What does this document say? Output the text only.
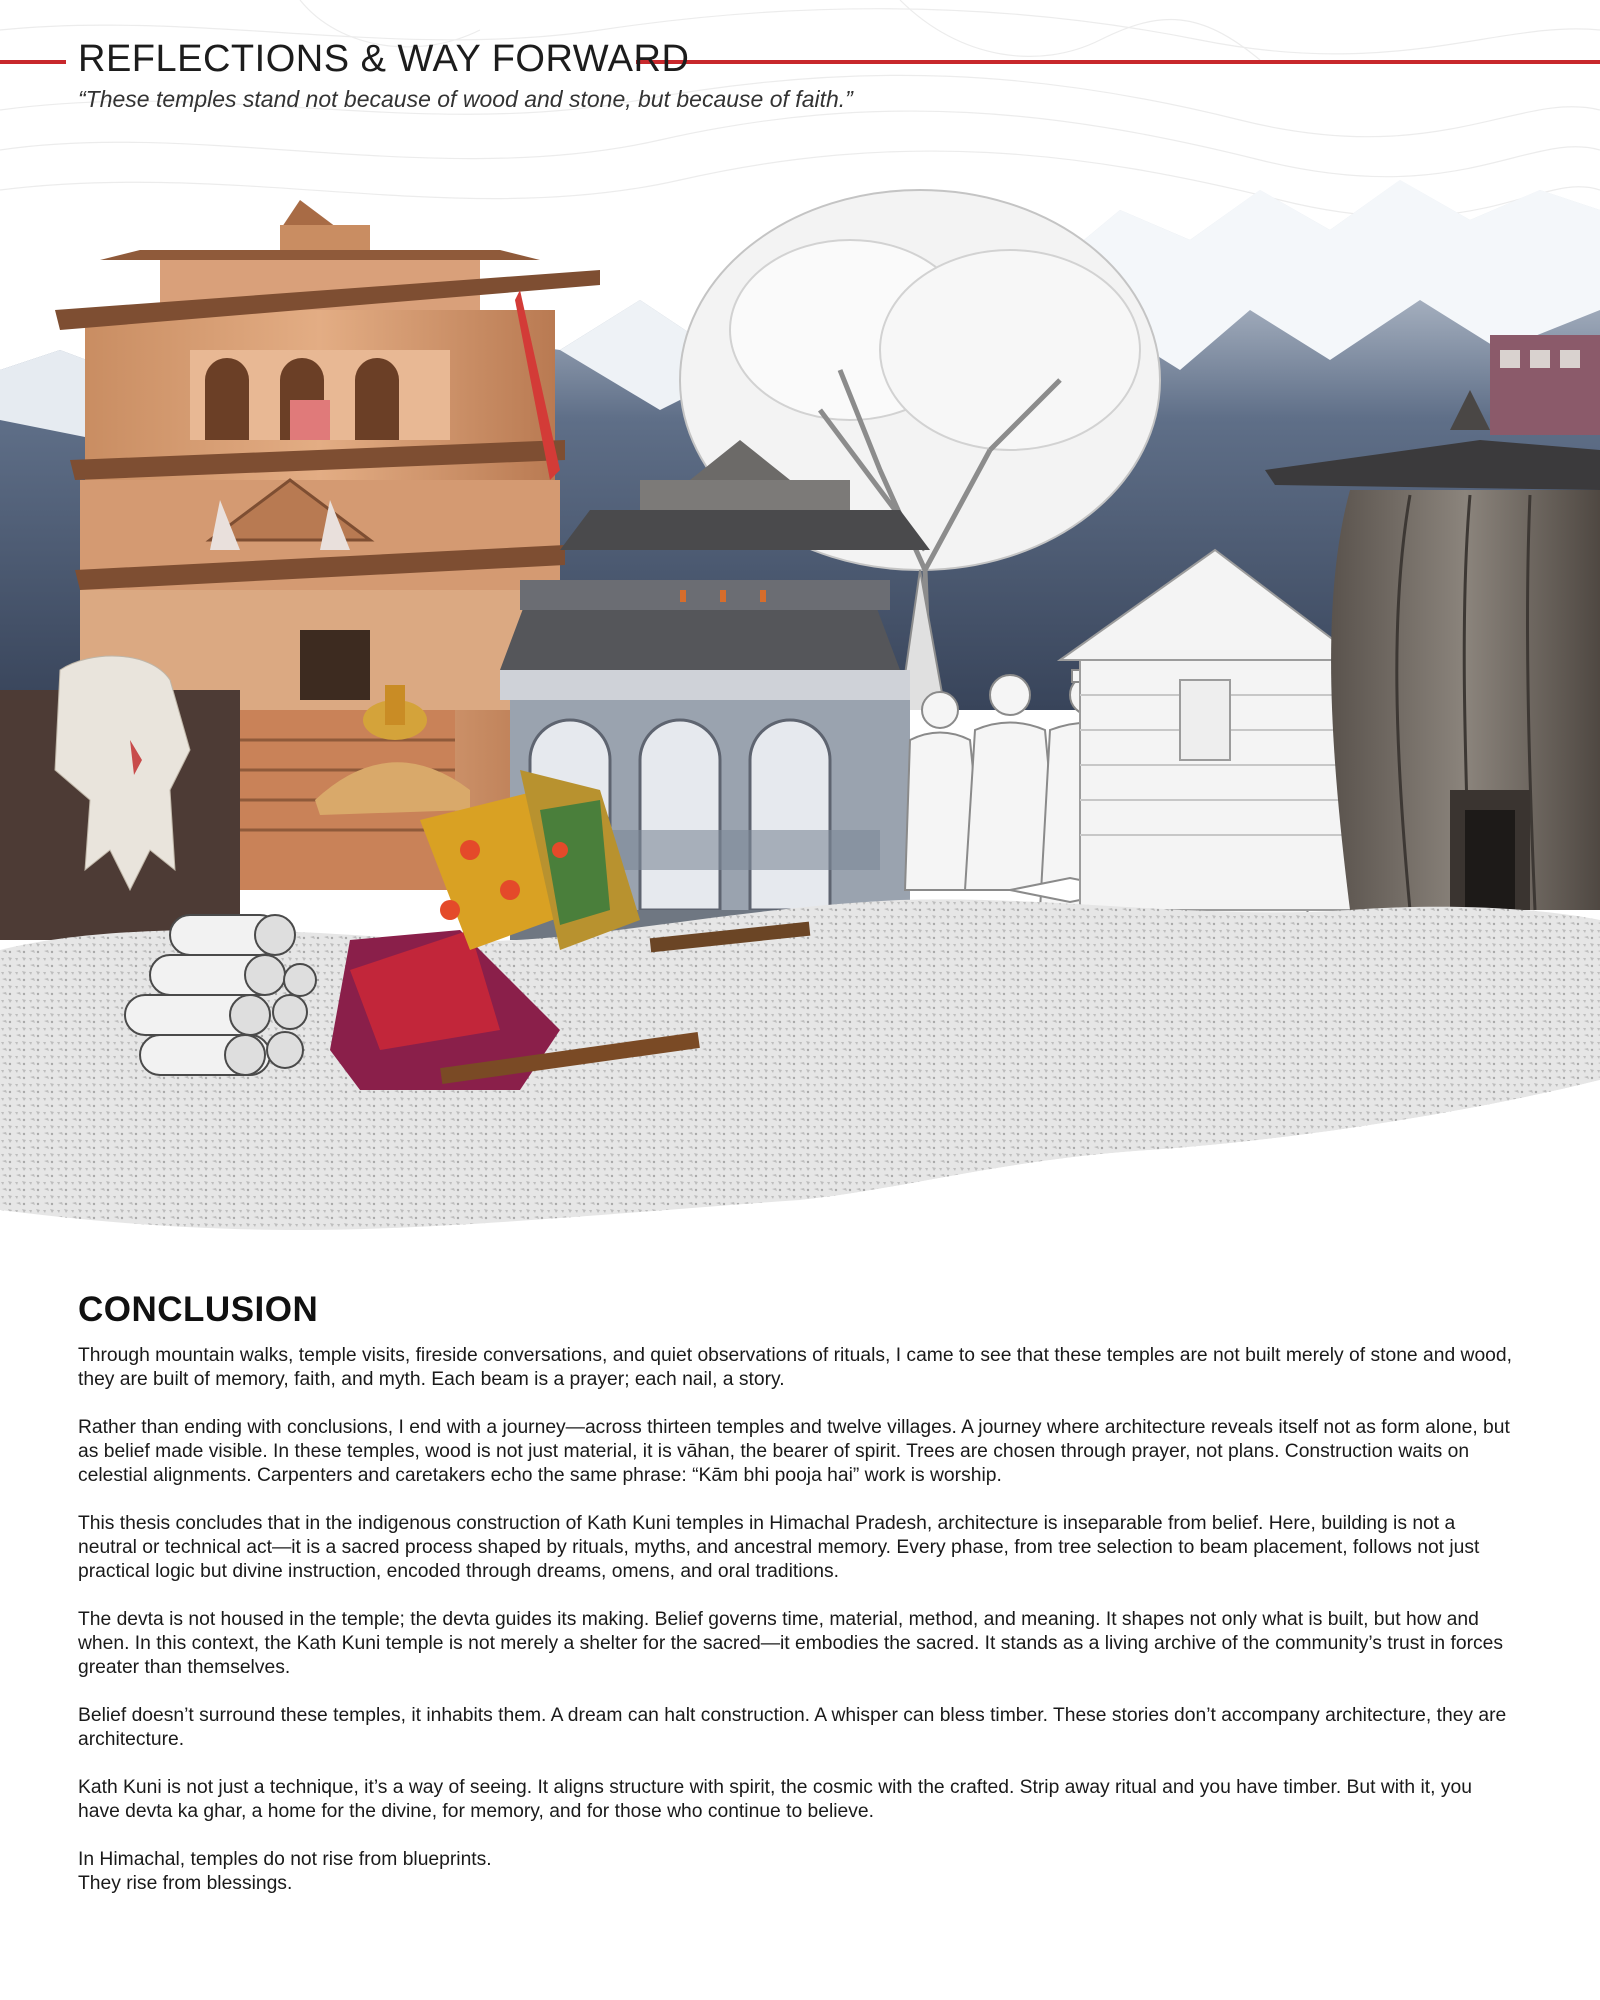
REFLECTIONS & WAY FORWARD

“These temples stand not because of wood and stone, but because of faith.”

CONCLUSION

Through mountain walks, temple visits, fireside conversations, and quiet observations of rituals, I came to see that these temples are not built merely of stone and wood, they are built of memory, faith, and myth. Each beam is a prayer; each nail, a story.

Rather than ending with conclusions, I end with a journey—across thirteen temples and twelve villages. A journey where architecture reveals itself not as form alone, but as belief made visible. In these temples, wood is not just material, it is vāhan, the bearer of spirit. Trees are chosen through prayer, not plans. Construction waits on celestial alignments. Carpenters and caretakers echo the same phrase: “Kām bhi pooja hai” work is worship.

This thesis concludes that in the indigenous construction of Kath Kuni temples in Himachal Pradesh, architecture is inseparable from belief. Here, building is not a neutral or technical act—it is a sacred process shaped by rituals, myths, and ancestral memory. Every phase, from tree selection to beam placement, follows not just practical logic but divine instruction, encoded through dreams, omens, and oral traditions.

The devta is not housed in the temple; the devta guides its making. Belief governs time, material, method, and meaning. It shapes not only what is built, but how and when. In this context, the Kath Kuni temple is not merely a shelter for the sacred—it embodies the sacred. It stands as a living archive of the community’s trust in forces greater than themselves.

Belief doesn’t surround these temples, it inhabits them. A dream can halt construction. A whisper can bless timber. These stories don’t accompany architecture, they are architecture.

Kath Kuni is not just a technique, it’s a way of seeing. It aligns structure with spirit, the cosmic with the crafted. Strip away ritual and you have timber. But with it, you have devta ka ghar, a home for the divine, for memory, and for those who continue to believe.

In Himachal, temples do not rise from blueprints.
They rise from blessings.
